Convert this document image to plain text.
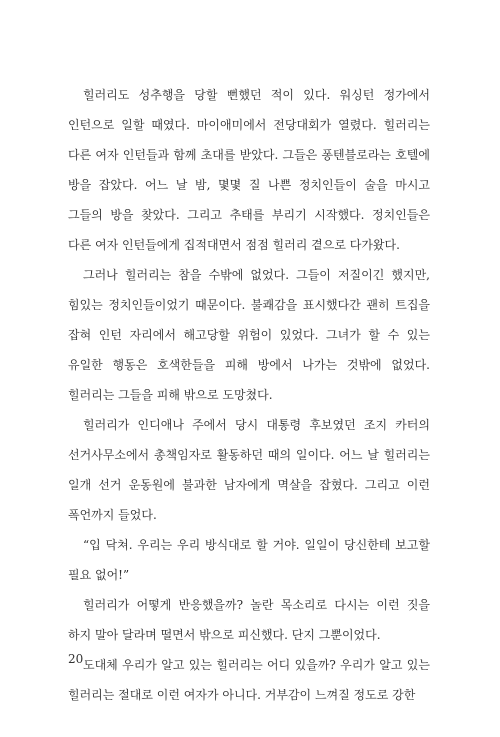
힐러리도 성추행을 당할 뻔했던 적이 있다. 워싱턴 정가에서 인턴으로 일할 때였다. 마이애미에서 전당대회가 열렸다. 힐러리는 다른 여자 인턴들과 함께 초대를 받았다. 그들은 퐁텐블로라는 호텔에 방을 잡았다. 어느 날 밤, 몇몇 질 나쁜 정치인들이 술을 마시고 그들의 방을 찾았다. 그리고 추태를 부리기 시작했다. 정치인들은 다른 여자 인턴들에게 집적대면서 점점 힐러리 곁으로 다가왔다.

그러나 힐러리는 참을 수밖에 없었다. 그들이 저질이긴 했지만, 힘있는 정치인들이었기 때문이다. 불쾌감을 표시했다간 괜히 트집을 잡혀 인턴 자리에서 해고당할 위험이 있었다. 그녀가 할 수 있는 유일한 행동은 호색한들을 피해 방에서 나가는 것밖에 없었다. 힐러리는 그들을 피해 밖으로 도망쳤다.

힐러리가 인디애나 주에서 당시 대통령 후보였던 조지 카터의 선거사무소에서 총책임자로 활동하던 때의 일이다. 어느 날 힐러리는 일개 선거 운동원에 불과한 남자에게 멱살을 잡혔다. 그리고 이런 폭언까지 들었다.

“입 닥쳐. 우리는 우리 방식대로 할 거야. 일일이 당신한테 보고할 필요 없어!”

힐러리가 어떻게 반응했을까? 놀란 목소리로 다시는 이런 짓을 하지 말아 달라며 떨면서 밖으로 피신했다. 단지 그뿐이었다.

도대체 우리가 알고 있는 힐러리는 어디 있을까? 우리가 알고 있는 힐러리는 절대로 이런 여자가 아니다. 거부감이 느껴질 정도로 강한

20
